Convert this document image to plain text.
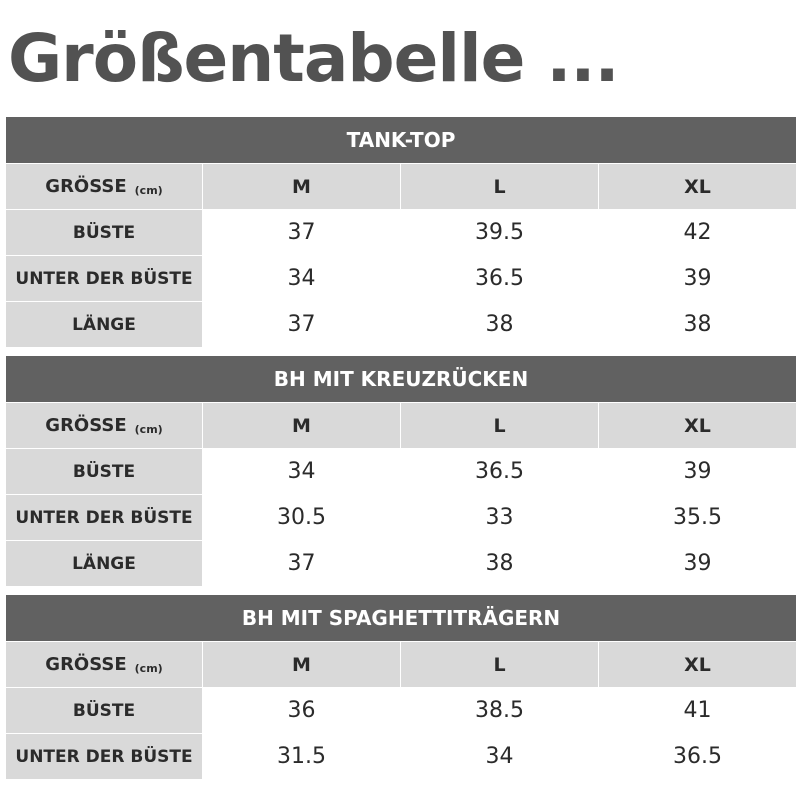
Größentabelle ...
TANK-TOP
GRÖSSE (cm)	M	L	XL
BÜSTE	37	39.5	42
UNTER DER BÜSTE	34	36.5	39
LÄNGE	37	38	38
BH MIT KREUZRÜCKEN
GRÖSSE (cm)	M	L	XL
BÜSTE	34	36.5	39
UNTER DER BÜSTE	30.5	33	35.5
LÄNGE	37	38	39
BH MIT SPAGHETTITRÄGERN
GRÖSSE (cm)	M	L	XL
BÜSTE	36	38.5	41
UNTER DER BÜSTE	31.5	34	36.5
